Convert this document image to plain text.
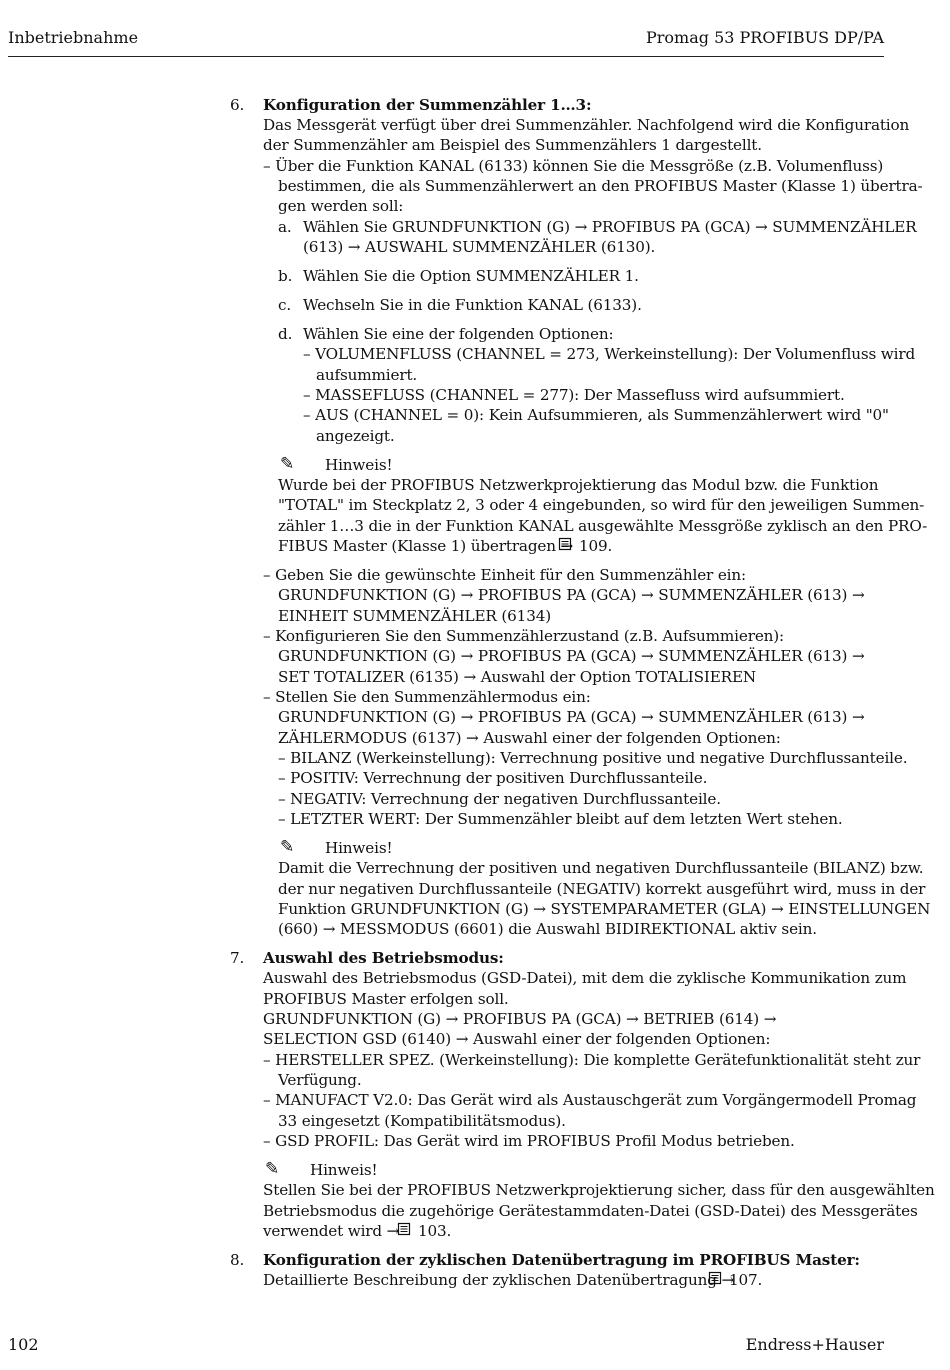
Inbetriebnahme	Promag 53 PROFIBUS DP/PA
6. Konfiguration der Summenzähler 1…3:
Das Messgerät verfügt über drei Summenzähler. Nachfolgend wird die Konfiguration
der Summenzähler am Beispiel des Summenzählers 1 dargestellt.
– Über die Funktion KANAL (6133) können Sie die Messgröße (z.B. Volumenfluss)
bestimmen, die als Summenzählerwert an den PROFIBUS Master (Klasse 1) übertra-
gen werden soll:
a. Wählen Sie GRUNDFUNKTION (G) → PROFIBUS PA (GCA) → SUMMENZÄHLER
(613) → AUSWAHL SUMMENZÄHLER (6130).
b. Wählen Sie die Option SUMMENZÄHLER 1.
c. Wechseln Sie in die Funktion KANAL (6133).
d. Wählen Sie eine der folgenden Optionen:
– VOLUMENFLUSS (CHANNEL = 273, Werkeinstellung): Der Volumenfluss wird
aufsummiert.
– MASSEFLUSS (CHANNEL = 277): Der Massefluss wird aufsummiert.
– AUS (CHANNEL = 0): Kein Aufsummieren, als Summenzählerwert wird "0"
angezeigt.
Hinweis!
Wurde bei der PROFIBUS Netzwerkprojektierung das Modul bzw. die Funktion
"TOTAL" im Steckplatz 2, 3 oder 4 eingebunden, so wird für den jeweiligen Summen-
zähler 1…3 die in der Funktion KANAL ausgewählte Messgröße zyklisch an den PRO-
FIBUS Master (Klasse 1) übertragen → 109.
– Geben Sie die gewünschte Einheit für den Summenzähler ein:
GRUNDFUNKTION (G) → PROFIBUS PA (GCA) → SUMMENZÄHLER (613) →
EINHEIT SUMMENZÄHLER (6134)
– Konfigurieren Sie den Summenzählerzustand (z.B. Aufsummieren):
GRUNDFUNKTION (G) → PROFIBUS PA (GCA) → SUMMENZÄHLER (613) →
SET TOTALIZER (6135) → Auswahl der Option TOTALISIEREN
– Stellen Sie den Summenzählermodus ein:
GRUNDFUNKTION (G) → PROFIBUS PA (GCA) → SUMMENZÄHLER (613) →
ZÄHLERMODUS (6137) → Auswahl einer der folgenden Optionen:
– BILANZ (Werkeinstellung): Verrechnung positive und negative Durchflussanteile.
– POSITIV: Verrechnung der positiven Durchflussanteile.
– NEGATIV: Verrechnung der negativen Durchflussanteile.
– LETZTER WERT: Der Summenzähler bleibt auf dem letzten Wert stehen.
Hinweis!
Damit die Verrechnung der positiven und negativen Durchflussanteile (BILANZ) bzw.
der nur negativen Durchflussanteile (NEGATIV) korrekt ausgeführt wird, muss in der
Funktion GRUNDFUNKTION (G) → SYSTEMPARAMETER (GLA) → EINSTELLUNGEN
(660) → MESSMODUS (6601) die Auswahl BIDIREKTIONAL aktiv sein.
7. Auswahl des Betriebsmodus:
Auswahl des Betriebsmodus (GSD-Datei), mit dem die zyklische Kommunikation zum
PROFIBUS Master erfolgen soll.
GRUNDFUNKTION (G) → PROFIBUS PA (GCA) → BETRIEB (614) →
SELECTION GSD (6140) → Auswahl einer der folgenden Optionen:
– HERSTELLER SPEZ. (Werkeinstellung): Die komplette Gerätefunktionalität steht zur
Verfügung.
– MANUFACT V2.0: Das Gerät wird als Austauschgerät zum Vorgängermodell Promag
33 eingesetzt (Kompatibilitätsmodus).
– GSD PROFIL: Das Gerät wird im PROFIBUS Profil Modus betrieben.
Hinweis!
Stellen Sie bei der PROFIBUS Netzwerkprojektierung sicher, dass für den ausgewählten
Betriebsmodus die zugehörige Gerätestammdaten-Datei (GSD-Datei) des Messgerätes
verwendet wird → 103.
8. Konfiguration der zyklischen Datenübertragung im PROFIBUS Master:
Detaillierte Beschreibung der zyklischen Datenübertragung →
107.
✎
✎
✎
102	Endress+Hauser
